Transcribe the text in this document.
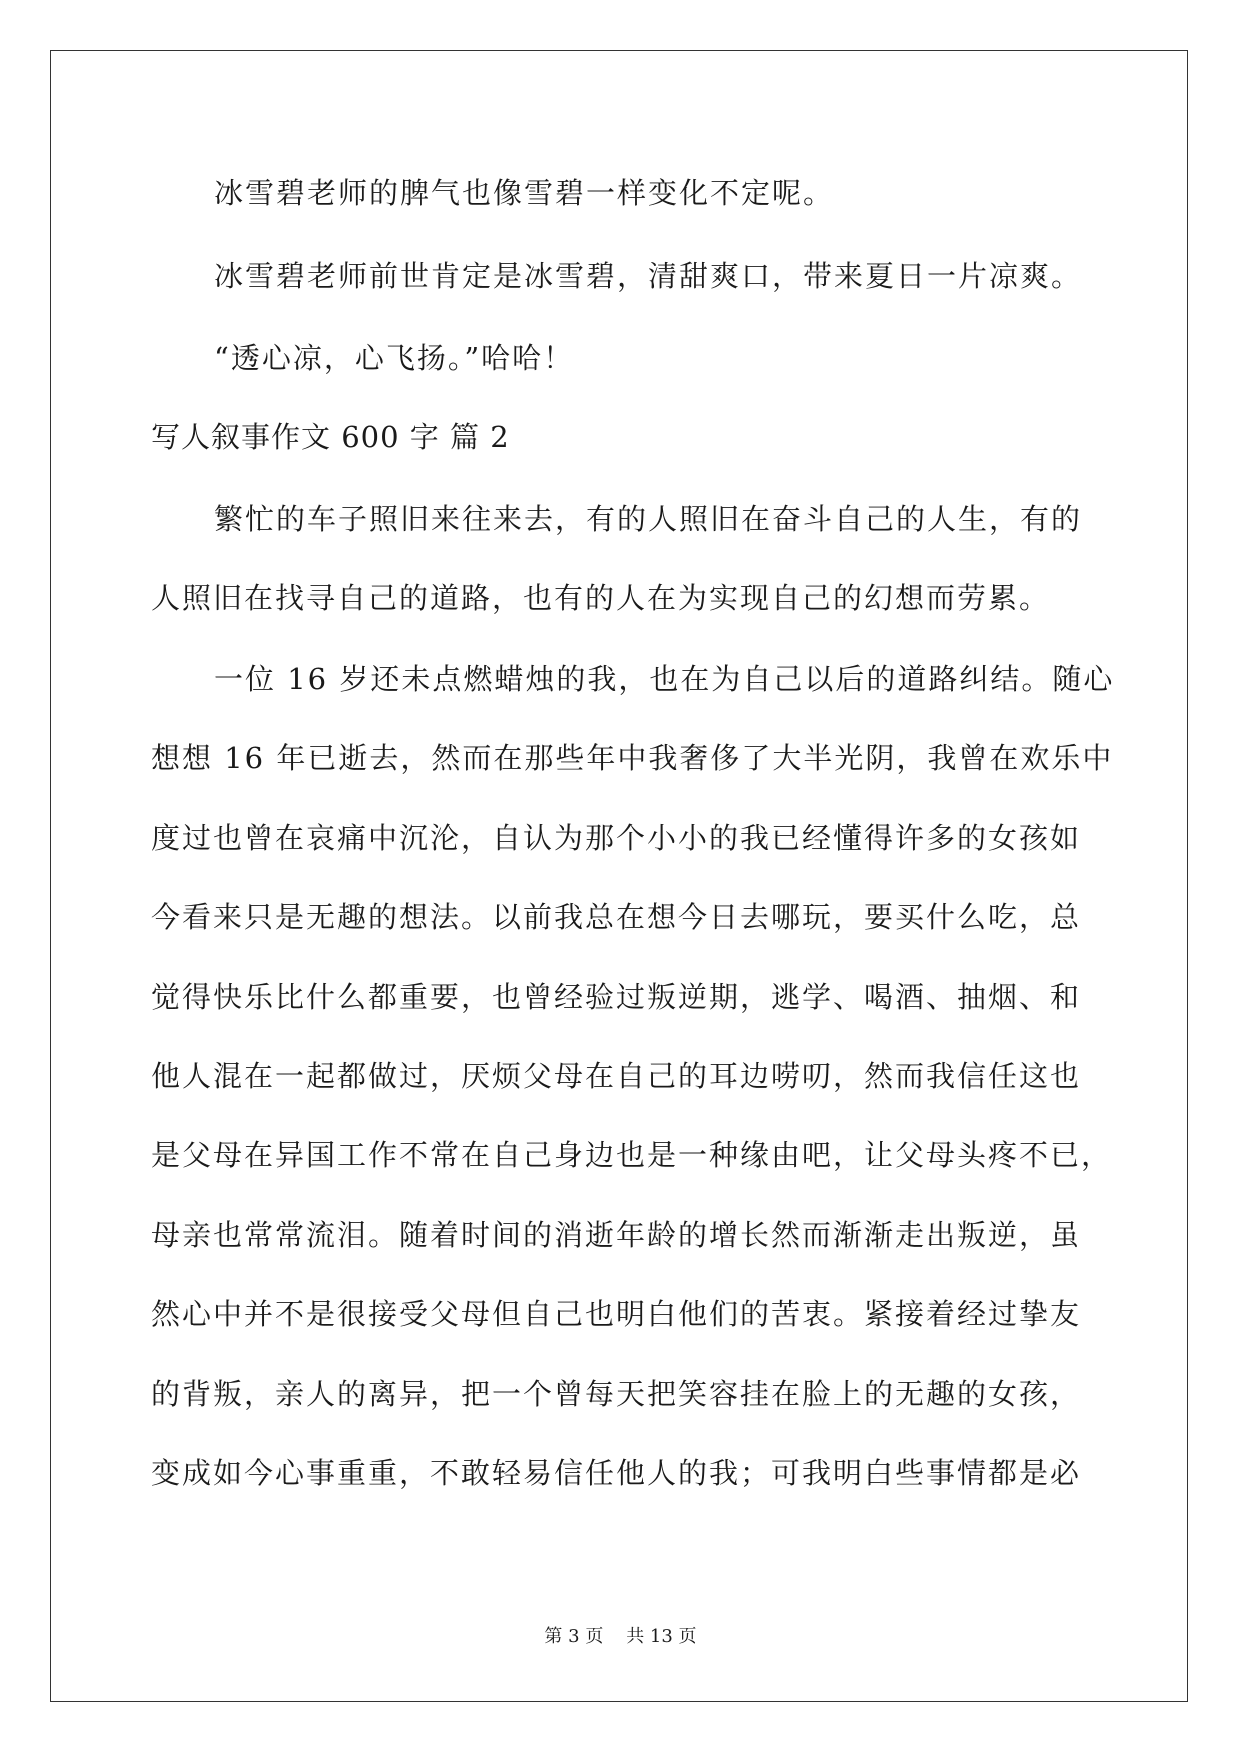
冰雪碧老师的脾气也像雪碧一样变化不定呢。
冰雪碧老师前世肯定是冰雪碧，清甜爽口，带来夏日一片凉爽。
“透心凉，心飞扬。”哈哈！
写人叙事作文 600 字 篇 2
繁忙的车子照旧来往来去，有的人照旧在奋斗自己的人生，有的
人照旧在找寻自己的道路，也有的人在为实现自己的幻想而劳累。
一位 16 岁还未点燃蜡烛的我，也在为自己以后的道路纠结。随心
想想 16 年已逝去，然而在那些年中我奢侈了大半光阴，我曾在欢乐中
度过也曾在哀痛中沉沦，自认为那个小小的我已经懂得许多的女孩如
今看来只是无趣的想法。以前我总在想今日去哪玩，要买什么吃，总
觉得快乐比什么都重要，也曾经验过叛逆期，逃学、喝酒、抽烟、和
他人混在一起都做过，厌烦父母在自己的耳边唠叨，然而我信任这也
是父母在异国工作不常在自己身边也是一种缘由吧，让父母头疼不已，
母亲也常常流泪。随着时间的消逝年龄的增长然而渐渐走出叛逆，虽
然心中并不是很接受父母但自己也明白他们的苦衷。紧接着经过挚友
的背叛，亲人的离异，把一个曾每天把笑容挂在脸上的无趣的女孩，
变成如今心事重重，不敢轻易信任他人的我；可我明白些事情都是必
第 3 页    共 13 页
